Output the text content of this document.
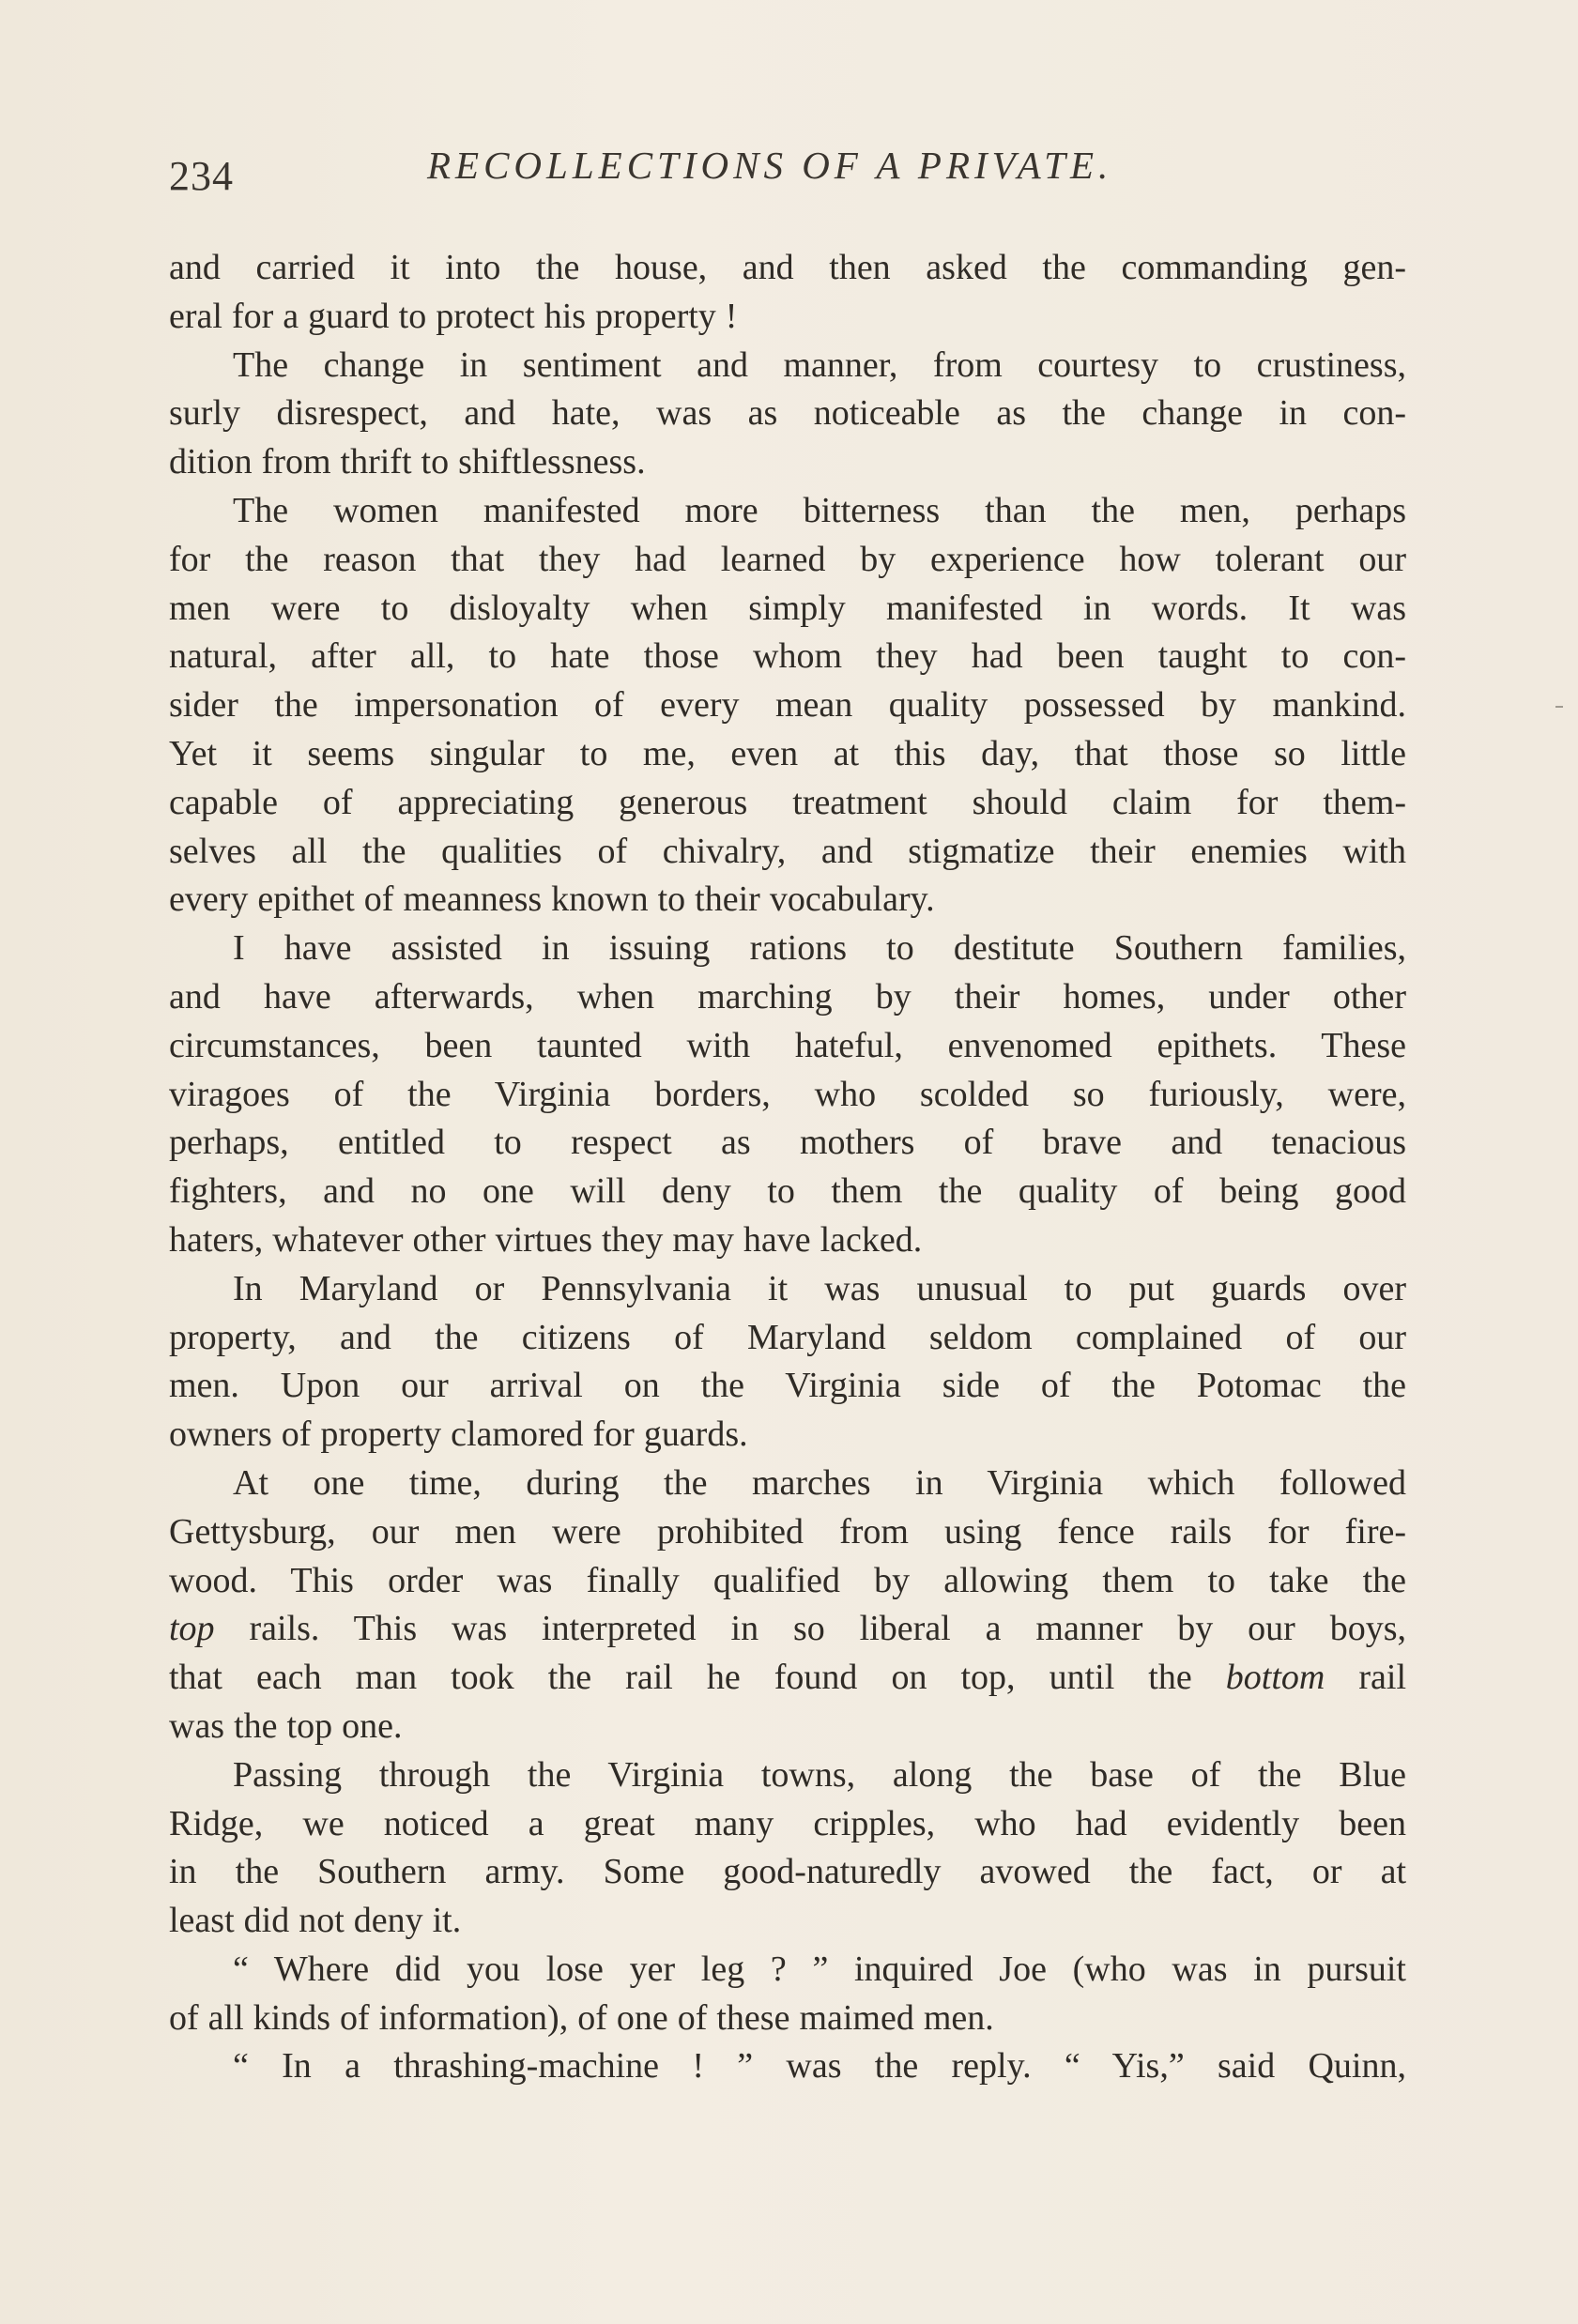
234	RECOLLECTIONS OF A PRIVATE.
and carried it into the house, and then asked the commanding gen-
eral for a guard to protect his property !
The change in sentiment and manner, from courtesy to crustiness,
surly disrespect, and hate, was as noticeable as the change in con-
dition from thrift to shiftlessness.
The women manifested more bitterness than the men, perhaps
for the reason that they had learned by experience how tolerant our
men were to disloyalty when simply manifested in words. It was
natural, after all, to hate those whom they had been taught to con-
sider the impersonation of every mean quality possessed by mankind.
Yet it seems singular to me, even at this day, that those so little
capable of appreciating generous treatment should claim for them-
selves all the qualities of chivalry, and stigmatize their enemies with
every epithet of meanness known to their vocabulary.
I have assisted in issuing rations to destitute Southern families,
and have afterwards, when marching by their homes, under other
circumstances, been taunted with hateful, envenomed epithets. These
viragoes of the Virginia borders, who scolded so furiously, were,
perhaps, entitled to respect as mothers of brave and tenacious
fighters, and no one will deny to them the quality of being good
haters, whatever other virtues they may have lacked.
In Maryland or Pennsylvania it was unusual to put guards over
property, and the citizens of Maryland seldom complained of our
men. Upon our arrival on the Virginia side of the Potomac the
owners of property clamored for guards.
At one time, during the marches in Virginia which followed
Gettysburg, our men were prohibited from using fence rails for fire-
wood. This order was finally qualified by allowing them to take the
top rails. This was interpreted in so liberal a manner by our boys,
that each man took the rail he found on top, until the bottom rail
was the top one.
Passing through the Virginia towns, along the base of the Blue
Ridge, we noticed a great many cripples, who had evidently been
in the Southern army. Some good-naturedly avowed the fact, or at
least did not deny it.
“ Where did you lose yer leg ? ” inquired Joe (who was in pursuit
of all kinds of information), of one of these maimed men.
“ In a thrashing-machine ! ” was the reply. “ Yis,” said Quinn,
